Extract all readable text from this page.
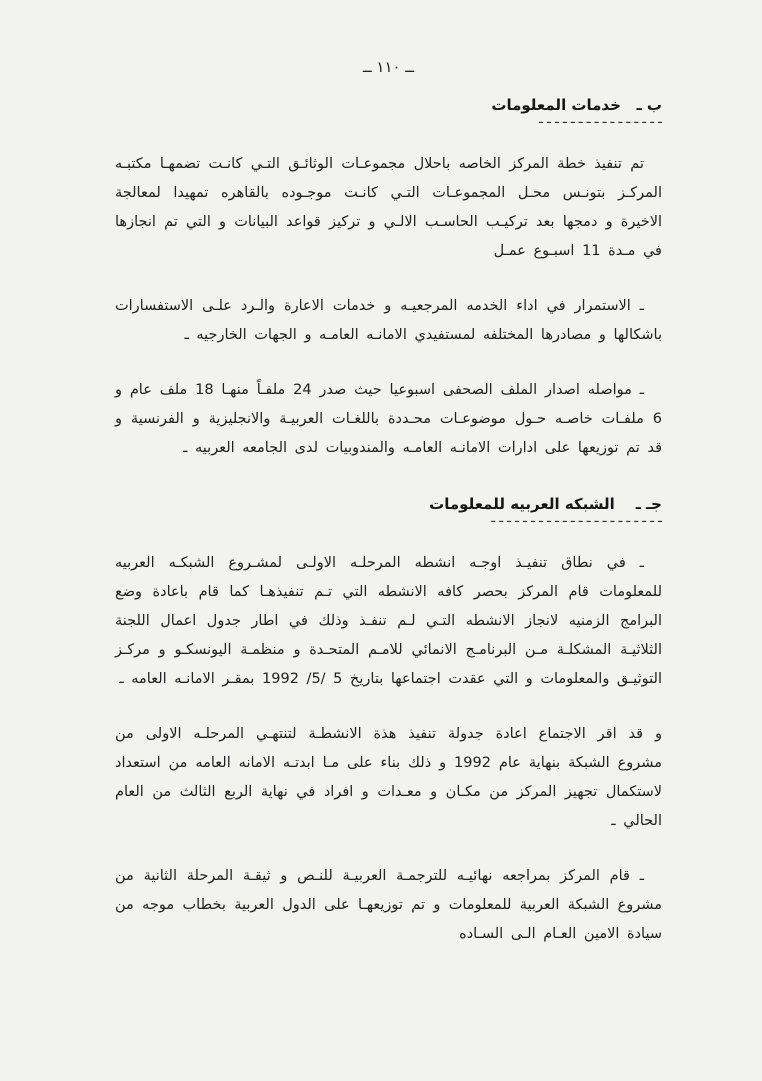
ــ ١١٠ ــ
ب ـ   خدمات المعلومات
ـ ـ ـ ـ ـ ـ ـ ـ ـ ـ ـ ـ ـ ـ ـ ـ

تم تنفيذ خطة المركز الخاصه باحلال مجموعـات الوثائـق التـي كانـت تضمهـا مكتبـه المركـز بتونـس محـل المجموعـات التـي كانـت موجـوده بالقاهره تمهيدا لمعالجة الاخيرة و دمجها بعد تركيـب الحاسـب الالـي و تركيز قواعد البيانات و التي تم انجازها في مـدة 11 اسبـوع عمـل

ـ الاستمرار في اداء الخدمه المرجعيـه و خدمات الاعارة والـرد علـى الاستفسارات باشكالها و مصادرها المختلفه لمستفيدي الامانـه العامـه و الجهات الخارجيه ـ

ـ مواصله اصدار الملف الصحفى اسبوعيا حيث صدر 24 ملفـاً منهـا 18 ملف عام و 6 ملفـات خاصـه حـول موضوعـات محـددة باللغـات العربيـة والانجليزية و الفرنسية و قد تم توزيعها على ادارات الامانـه العامـه والمندوبيات لدى الجامعه العربيه ـ

جـ ـ    الشبكه العربيه للمعلومات
ـ ـ ـ ـ ـ ـ ـ ـ ـ ـ ـ ـ ـ ـ ـ ـ ـ ـ ـ ـ ـ ـ

ـ في نطاق تنفيـذ اوجـه انشطه المرحلـه الاولـى لمشـروع الشبكـه العربيه للمعلومات قام المركز بحصر كافه الانشطه التي تـم تنفيذهـا كما قام باعادة وضع البرامج الزمنيه لانجاز الانشطه التـي لـم تنفـذ وذلك في اطار جدول اعمال اللجنة الثلاثيـة المشكلـة مـن البرنامـج الانمائي للامـم المتحـدة و منظمـة اليونسكـو و مركـز التوثيـق والمعلومات و التي عقدت اجتماعها بتاريخ 5 /5/ 1992 بمقـر الامانـه العامه ـ

و قد اقر الاجتماع اعادة جدولة تنفيذ هذة الانشطـة لتنتهـي المرحلـه الاولى من مشروع الشبكة بنهاية عام 1992 و ذلك بناء على مـا ابدتـه الامانه العامه من استعداد لاستكمال تجهيز المركز من مكـان و معـدات و افراد في نهاية الربع الثالث من العام الحالي ـ

ـ قام المركز بمراجعه نهائيـه للترجمـة العربيـة للنـص و ثيقـة المرحلة الثانية من مشروع الشبكة العربية للمعلومات و تم توزيعهـا على الدول العربية بخطاب موجه من سيادة الامين العـام الـى السـاده
